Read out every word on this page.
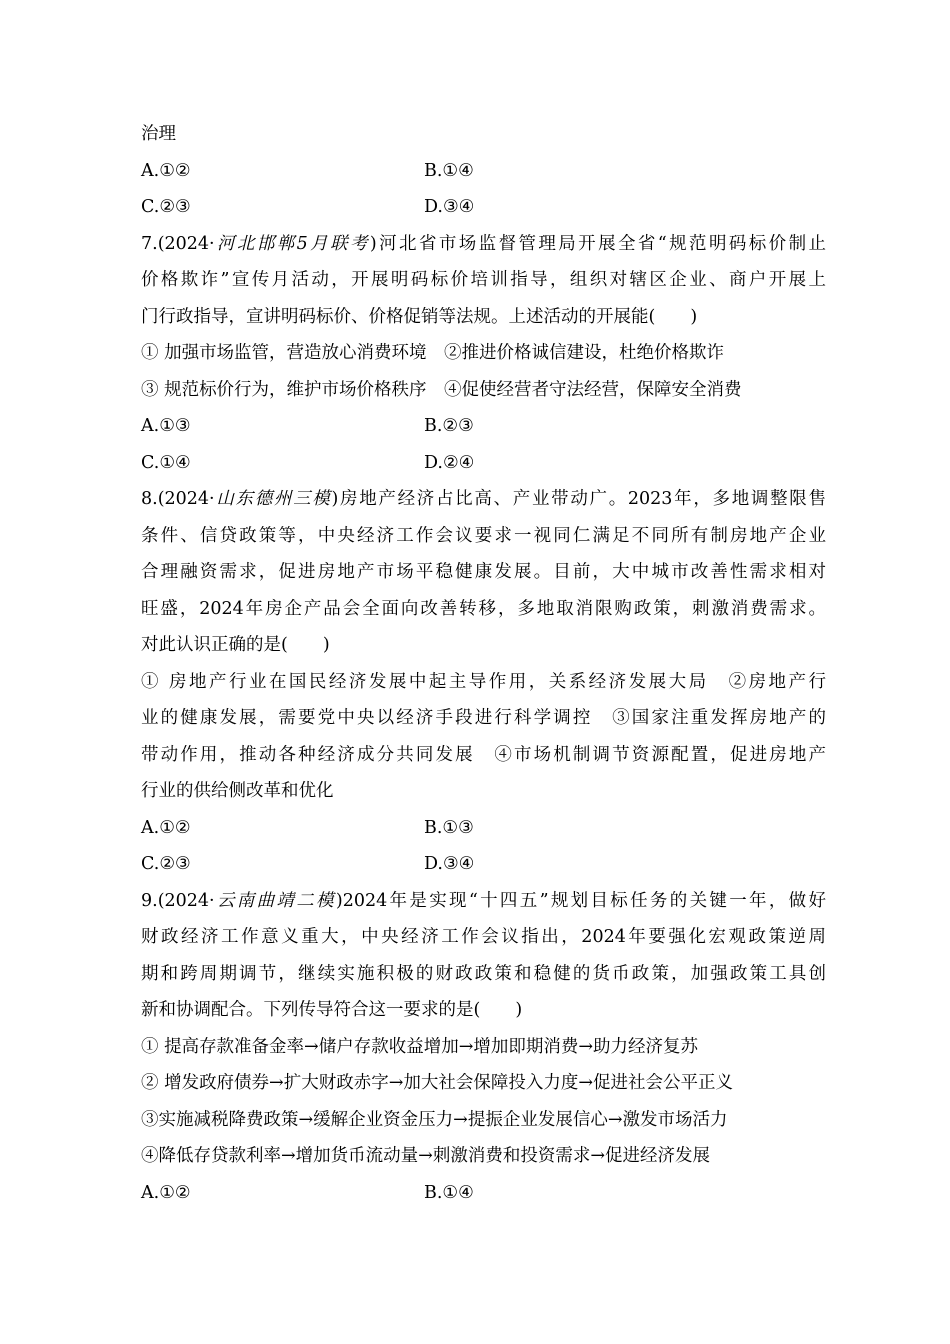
治理
A.①②	B.①④
C.②③	D.③④
7.(2024·河北邯郸5月联考)河北省市场监督管理局开展全省“规范明码标价制止
价格欺诈”宣传月活动，开展明码标价培训指导，组织对辖区企业、商户开展上
门行政指导，宣讲明码标价、价格促销等法规。上述活动的开展能(　　)
① 加强市场监管，营造放心消费环境　②推进价格诚信建设，杜绝价格欺诈
③ 规范标价行为，维护市场价格秩序　④促使经营者守法经营，保障安全消费
A.①③	B.②③
C.①④	D.②④
8.(2024·山东德州三模)房地产经济占比高、产业带动广。2023年，多地调整限售
条件、信贷政策等，中央经济工作会议要求一视同仁满足不同所有制房地产企业
合理融资需求，促进房地产市场平稳健康发展。目前，大中城市改善性需求相对
旺盛，2024年房企产品会全面向改善转移，多地取消限购政策，刺激消费需求。
对此认识正确的是(　　)
① 房地产行业在国民经济发展中起主导作用，关系经济发展大局　②房地产行
业的健康发展，需要党中央以经济手段进行科学调控　③国家注重发挥房地产的
带动作用，推动各种经济成分共同发展　④市场机制调节资源配置，促进房地产
行业的供给侧改革和优化
A.①②	B.①③
C.②③	D.③④
9.(2024·云南曲靖二模)2024年是实现“十四五”规划目标任务的关键一年，做好
财政经济工作意义重大，中央经济工作会议指出，2024年要强化宏观政策逆周
期和跨周期调节，继续实施积极的财政政策和稳健的货币政策，加强政策工具创
新和协调配合。下列传导符合这一要求的是(　　)
① 提高存款准备金率→储户存款收益增加→增加即期消费→助力经济复苏
② 增发政府债券→扩大财政赤字→加大社会保障投入力度→促进社会公平正义
③实施减税降费政策→缓解企业资金压力→提振企业发展信心→激发市场活力
④降低存贷款利率→增加货币流动量→刺激消费和投资需求→促进经济发展
A.①②	B.①④
